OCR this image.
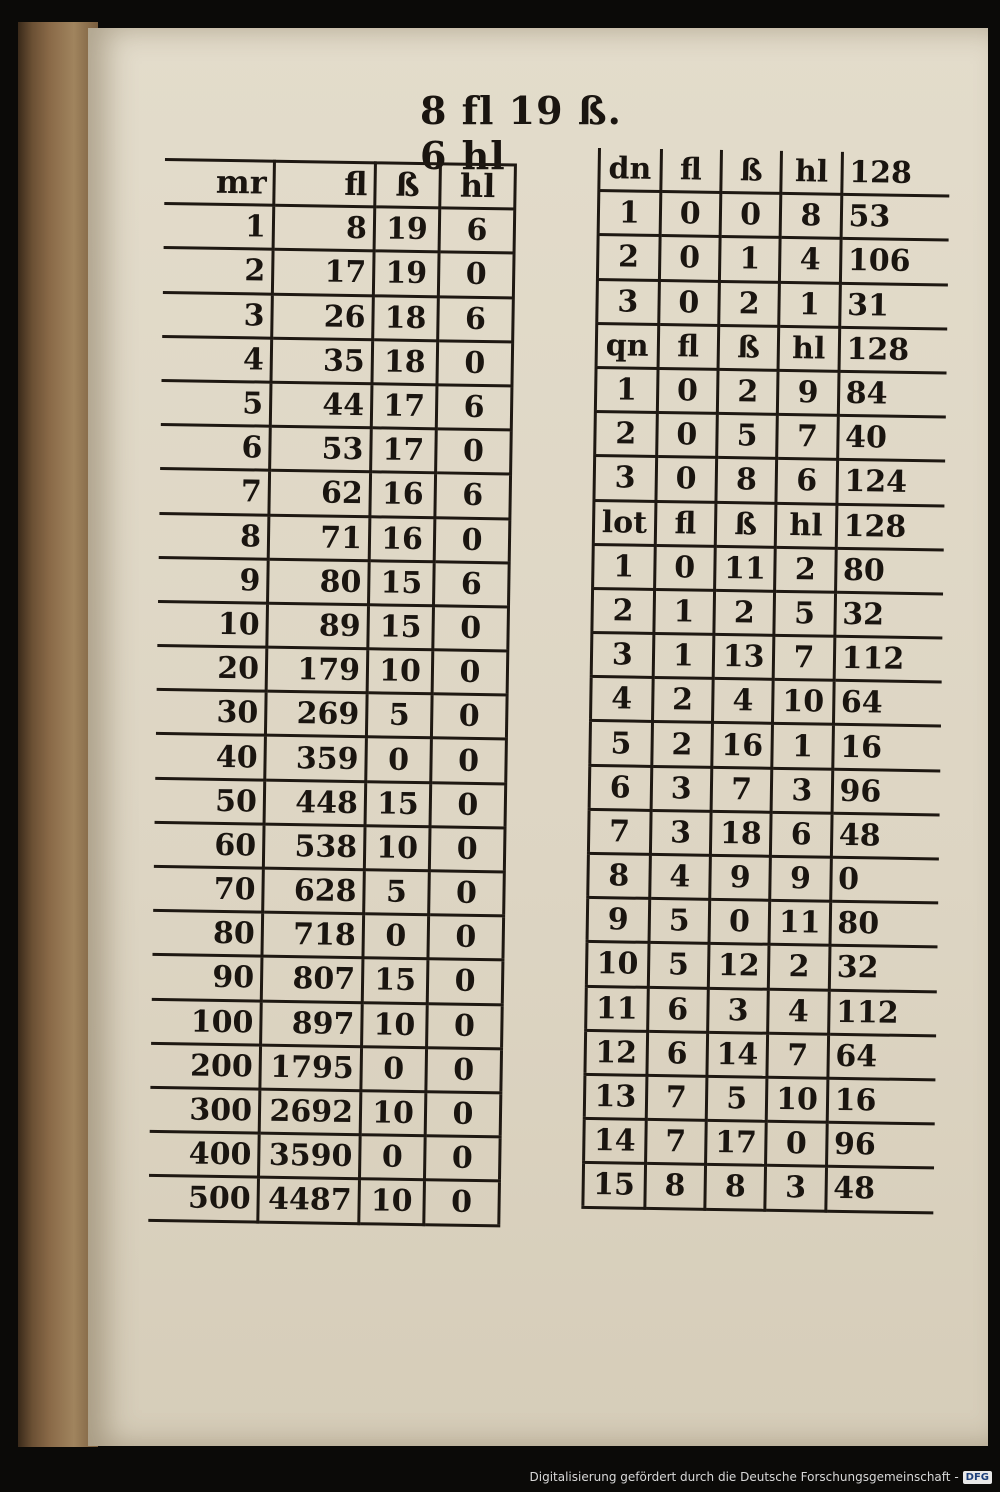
8 fl 19 ß. 6 hl
mr	fl	ß	hl
1	8	19	6
2	17	19	0
3	26	18	6
4	35	18	0
5	44	17	6
6	53	17	0
7	62	16	6
8	71	16	0
9	80	15	6
10	89	15	0
20	179	10	0
30	269	5	0
40	359	0	0
50	448	15	0
60	538	10	0
70	628	5	0
80	718	0	0
90	807	15	0
100	897	10	0
200	1795	0	0
300	2692	10	0
400	3590	0	0
500	4487	10	0
dn	fl	ß	hl	128
1	0	0	8	53
2	0	1	4	106
3	0	2	1	31
qn	fl	ß	hl	128
1	0	2	9	84
2	0	5	7	40
3	0	8	6	124
lot	fl	ß	hl	128
1	0	11	2	80
2	1	2	5	32
3	1	13	7	112
4	2	4	10	64
5	2	16	1	16
6	3	7	3	96
7	3	18	6	48
8	4	9	9	0
9	5	0	11	80
10	5	12	2	32
11	6	3	4	112
12	6	14	7	64
13	7	5	10	16
14	7	17	0	96
15	8	8	3	48
Digitalisierung gefördert durch die Deutsche Forschungsgemeinschaft - DFG
